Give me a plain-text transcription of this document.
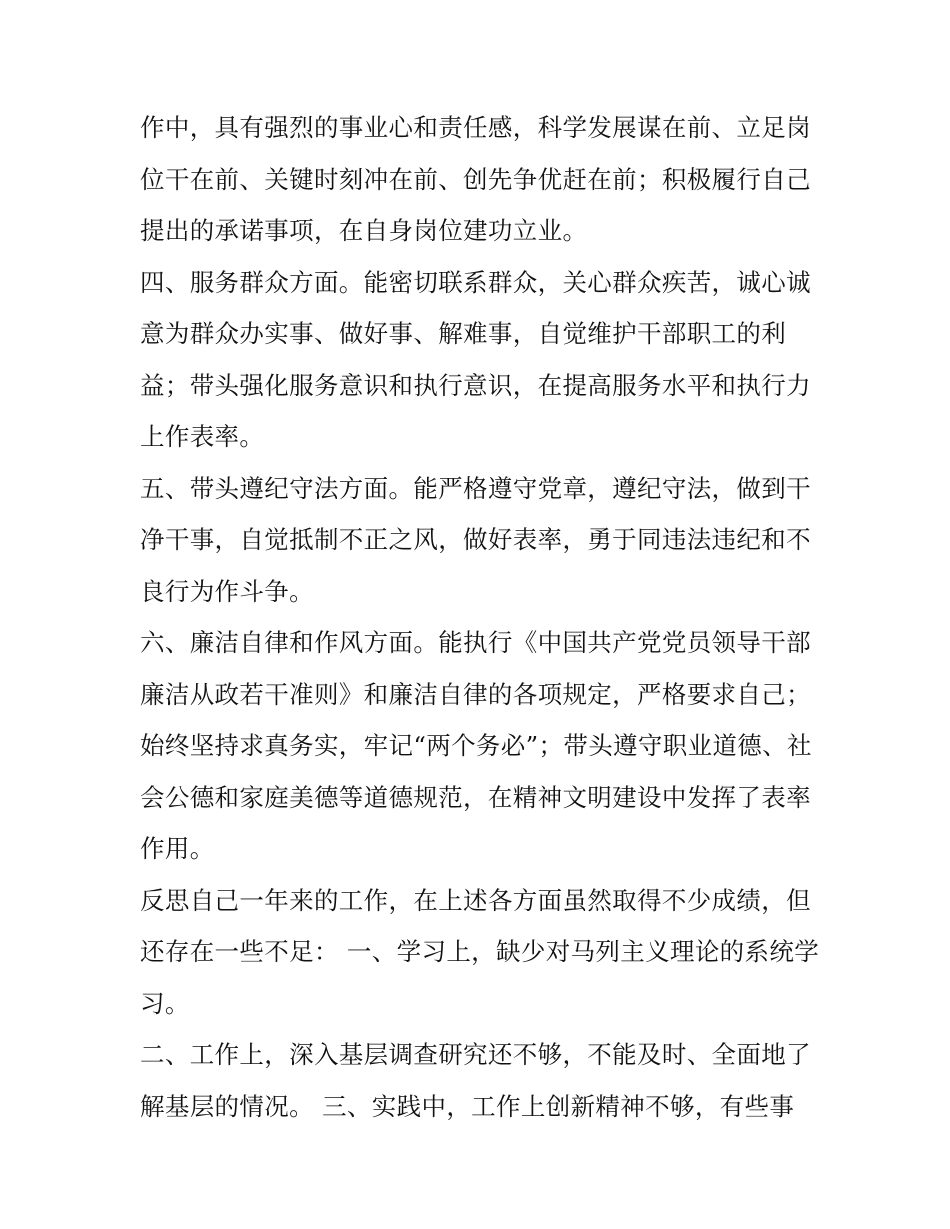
作中，具有强烈的事业心和责任感，科学发展谋在前、立足岗位干在前、关键时刻冲在前、创先争优赶在前；积极履行自己提出的承诺事项，在自身岗位建功立业。

四、服务群众方面。能密切联系群众，关心群众疾苦，诚心诚意为群众办实事、做好事、解难事，自觉维护干部职工的利益；带头强化服务意识和执行意识，在提高服务水平和执行力上作表率。

五、带头遵纪守法方面。能严格遵守党章，遵纪守法，做到干净干事，自觉抵制不正之风，做好表率，勇于同违法违纪和不良行为作斗争。

六、廉洁自律和作风方面。能执行《中国共产党党员领导干部廉洁从政若干准则》和廉洁自律的各项规定，严格要求自己；始终坚持求真务实，牢记“两个务必”；带头遵守职业道德、社会公德和家庭美德等道德规范，在精神文明建设中发挥了表率作用。

反思自己一年来的工作，在上述各方面虽然取得不少成绩，但还存在一些不足： 一、学习上，缺少对马列主义理论的系统学习。

二、工作上，深入基层调查研究还不够，不能及时、全面地了解基层的情况。 三、实践中，工作上创新精神不够，有些事
